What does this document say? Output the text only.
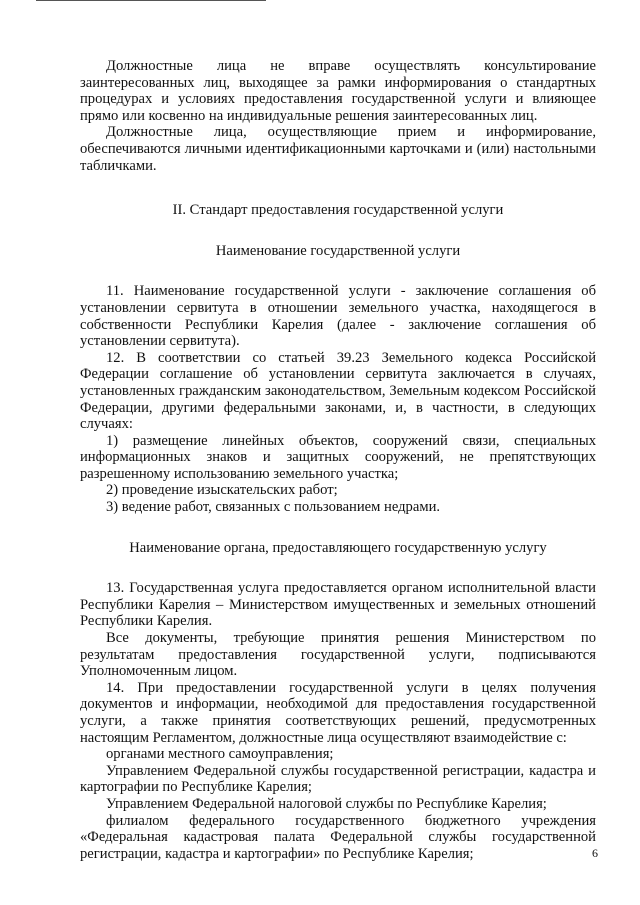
Должностные лица не вправе осуществлять консультирование заинтересованных лиц, выходящее за рамки информирования о стандартных процедурах и условиях предоставления государственной услуги и влияющее прямо или косвенно на индивидуальные решения заинтересованных лиц.

Должностные лица, осуществляющие прием и информирование, обеспечиваются личными идентификационными карточками и (или) настольными табличками.

II. Стандарт предоставления государственной услуги

Наименование государственной услуги

11. Наименование государственной услуги - заключение соглашения об установлении сервитута в отношении земельного участка, находящегося в собственности Республики Карелия (далее - заключение соглашения об установлении сервитута).

12. В соответствии со статьей 39.23 Земельного кодекса Российской Федерации соглашение об установлении сервитута заключается в случаях, установленных гражданским законодательством, Земельным кодексом Российской Федерации, другими федеральными законами, и, в частности, в следующих случаях:

1) размещение линейных объектов, сооружений связи, специальных информационных знаков и защитных сооружений, не препятствующих разрешенному использованию земельного участка;

2) проведение изыскательских работ;

3) ведение работ, связанных с пользованием недрами.

Наименование органа, предоставляющего государственную услугу

13. Государственная услуга предоставляется органом исполнительной власти Республики Карелия – Министерством имущественных и земельных отношений Республики Карелия.

Все документы, требующие принятия решения Министерством по результатам предоставления государственной услуги, подписываются Уполномоченным лицом.

14. При предоставлении государственной услуги в целях получения документов и информации, необходимой для предоставления государственной услуги, а также принятия соответствующих решений, предусмотренных настоящим Регламентом, должностные лица осуществляют взаимодействие с:

органами местного самоуправления;

Управлением Федеральной службы государственной регистрации, кадастра и картографии по Республике Карелия;

Управлением Федеральной налоговой службы по Республике Карелия;

филиалом федерального государственного бюджетного учреждения «Федеральная кадастровая палата Федеральной службы государственной регистрации, кадастра и картографии» по Республике Карелия;	6
